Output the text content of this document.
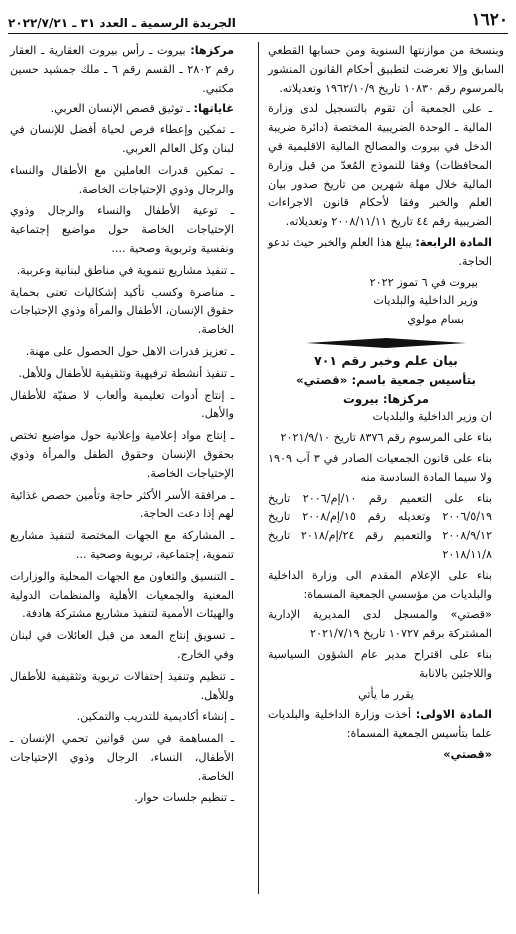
١٦٢٠
الجريدة الرسمية ـ العدد ٣١ ـ ٢٠٢٢/٧/٢١

وبنسخة من موازنتها السنوية ومن حسابها القطعي السابق وإلا تعرضت لتطبيق أحكام القانون المنشور بالمرسوم رقم ١٠٨٣٠ تاريخ ١٩٦٢/١٠/٩ وتعديلاته.

ـ على الجمعية أن تقوم بالتسجيل لدى وزارة المالية ـ الوحدة الضريبية المختصة (دائرة ضريبة الدخل في بيروت والمصالح المالية الاقليمية في المحافظات) وفقا للنموذج المُعدّ من قبل وزارة المالية خلال مهلة شهرين من تاريخ صدور بيان العلم والخبر وفقا لأحكام قانون الاجراءات الضريبية رقم ٤٤ تاريخ ٢٠٠٨/١١/١١ وتعديلاته.

المادة الرابعة: يبلغ هذا العلم والخبر حيث تدعو الحاجة.

بيروت في ٦ تموز ٢٠٢٢

وزير الداخلية والبلديات

بسام مولوي

بيان علم وخبر رقم ٧٠١

بتأسيس جمعية باسم: «قصتي»

مركزها: بيروت

ان وزير الداخلية والبلديات

بناء على المرسوم رقم ٨٣٧٦ تاريخ ٢٠٢١/٩/١٠

بناء على قانون الجمعيات الصادر في ٣ آب ١٩٠٩ ولا سيما المادة السادسة منه

بناء على التعميم رقم ١٠/إم/٢٠٠٦ تاريخ ٢٠٠٦/٥/١٩ وتعديله رقم ١٥/إم/٢٠٠٨ تاريخ ٢٠٠٨/٩/١٢ والتعميم رقم ٢٤/إم/٢٠١٨ تاريخ ٢٠١٨/١١/٨

بناء على الإعلام المقدم الى وزارة الداخلية والبلديات من مؤسسي الجمعية المسماة:

«قصتي» والمسجل لدى المديرية الإدارية المشتركة برقم ١٠٧٢٧ تاريخ ٢٠٢١/٧/١٩

بناء على اقتراح مدير عام الشؤون السياسية واللاجئين بالانابة

يقرر ما يأتي

المادة الاولى: أخذت وزارة الداخلية والبلديات علما بتأسيس الجمعية المسماة:

«قصتي»

مركزها: بيروت ـ رأس بيروت العقارية ـ العقار رقم ٢٨٠٢ ـ القسم رقم ٦ ـ ملك جمشيد حسين مكتبي.

غاياتها: ـ توثيق قصص الإنسان العربي.

ـ تمكين وإعطاء فرص لحياة أفضل للإنسان في لبنان وكل العالم العربي.

ـ تمكين قدرات العاملين مع الأطفال والنساء والرجال وذوي الإحتياجات الخاصة.

ـ توعية الأطفال والنساء والرجال وذوي الإحتياجات الخاصة حول مواضيع إجتماعية ونفسية وتربوية وصحية ....

ـ تنفيذ مشاريع تنموية في مناطق لبنانية وعربية.

ـ مناصرة وكسب تأكيد إشكاليات تعنى بحماية حقوق الإنسان، الأطفال والمرأة وذوي الإحتياجات الخاصة.

ـ تعزيز قدرات الاهل حول الحصول على مهنة.

ـ تنفيذ أنشطة ترفيهية وتثقيفية للأطفال وللأهل.

ـ إنتاج أدوات تعليمية وألعاب لا صفيّة للأطفال والأهل.

ـ إنتاج مواد إعلامية وإعلانية حول مواضيع تختص بحقوق الإنسان وحقوق الطفل والمرأة وذوي الإحتياجات الخاصة.

ـ مرافقة الأسر الأكثر حاجة وتأمين حصص غذائية لهم إذا دعت الحاجة.

ـ المشاركة مع الجهات المختصة لتنفيذ مشاريع تنموية، إجتماعية، تربوية وصحية ...

ـ التنسيق والتعاون مع الجهات المحلية والوزارات المعنية والجمعيات الأهلية والمنظمات الدولية والهيئات الأممية لتنفيذ مشاريع مشتركة هادفة.

ـ تسويق إنتاج المعد من قبل العائلات في لبنان وفي الخارج.

ـ تنظيم وتنفيذ إحتفالات تربوية وتثقيفية للأطفال وللأهل.

ـ إنشاء أكاديمية للتدريب والتمكين.

ـ المساهمة في سن قوانين تحمي الإنسان ـ الأطفال، النساء، الرجال وذوي الإحتياجات الخاصة.

ـ تنظيم جلسات حوار.
